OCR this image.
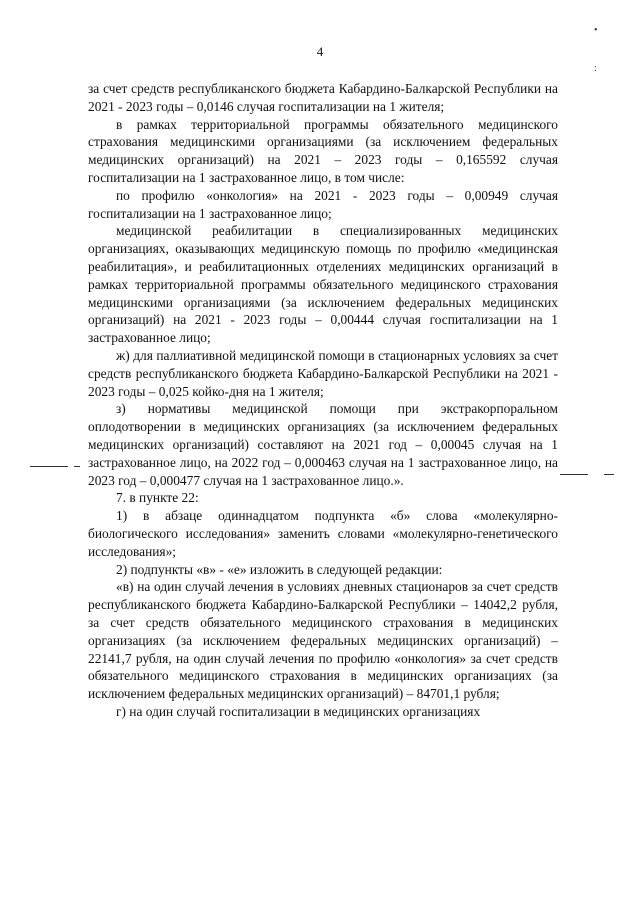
4
•
:

за счет средств республиканского бюджета Кабардино-Балкарской Республики на 2021 - 2023 годы – 0,0146 случая госпитализации на 1 жителя;

в рамках территориальной программы обязательного медицинского страхования медицинскими организациями (за исключением федеральных медицинских организаций) на 2021 – 2023 годы – 0,165592 случая госпитализации на 1 застрахованное лицо, в том числе:

по профилю «онкология» на 2021 - 2023 годы – 0,00949 случая госпитализации на 1 застрахованное лицо;

медицинской реабилитации в специализированных медицинских организациях, оказывающих медицинскую помощь по профилю «медицинская реабилитация», и реабилитационных отделениях медицинских организаций в рамках территориальной программы обязательного медицинского страхования медицинскими организациями (за исключением федеральных медицинских организаций) на 2021 - 2023 годы – 0,00444 случая госпитализации на 1 застрахованное лицо;

ж) для паллиативной медицинской помощи в стационарных условиях за счет средств республиканского бюджета Кабардино-Балкарской Республики на 2021 - 2023 годы – 0,025 койко-дня на 1 жителя;

з) нормативы медицинской помощи при экстракорпоральном оплодотворении в медицинских организациях (за исключением федеральных медицинских организаций) составляют на 2021 год – 0,00045 случая на 1 застрахованное лицо, на 2022 год – 0,000463 случая на 1 застрахованное лицо, на 2023 год – 0,000477 случая на 1 застрахованное лицо.».

7. в пункте 22:

1) в абзаце одиннадцатом подпункта «б» слова «молекулярно-биологического исследования» заменить словами «молекулярно-генетического исследования»;

2) подпункты «в» - «е» изложить в следующей редакции:

«в) на один случай лечения в условиях дневных стационаров за счет средств республиканского бюджета Кабардино-Балкарской Республики – 14042,2 рубля, за счет средств обязательного медицинского страхования в медицинских организациях (за исключением федеральных медицинских организаций) – 22141,7 рубля, на один случай лечения по профилю «онкология» за счет средств обязательного медицинского страхования в медицинских организациях (за исключением федеральных медицинских организаций) – 84701,1 рубля;

г) на один случай госпитализации в медицинских организациях
